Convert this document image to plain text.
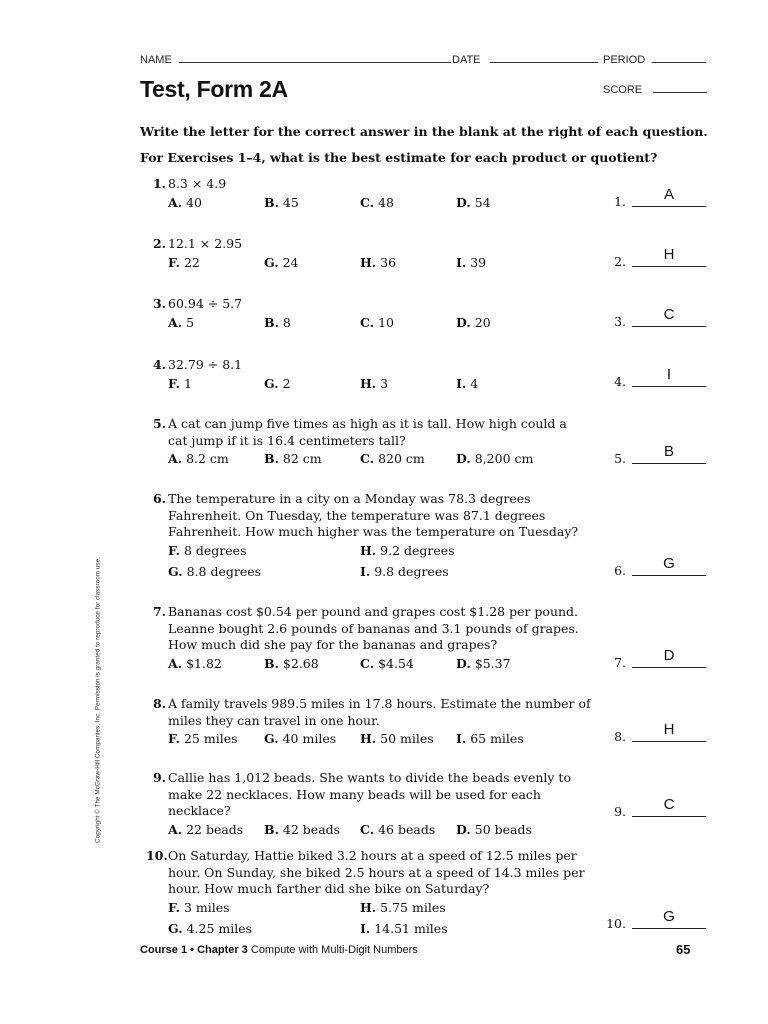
NAME	DATE	PERIOD
SCORE
Test, Form 2A
Write the letter for the correct answer in the blank at the right of each question.
For Exercises 1–4, what is the best estimate for each product or quotient?
1. 8.3 × 4.9
A. 40	B. 45	C. 48	D. 54	1.	A
2. 12.1 × 2.95
F. 22	G. 24	H. 36	I. 39	2.	H
3. 60.94 ÷ 5.7
A. 5	B. 8	C. 10	D. 20	3.	C
4. 32.79 ÷ 8.1
F. 1	G. 2	H. 3	I. 4	4.	I
5. A cat can jump five times as high as it is tall. How high could a
cat jump if it is 16.4 centimeters tall?
A. 8.2 cm	B. 82 cm	C. 820 cm D. 8,200 cm	5.	B
6. The temperature in a city on a Monday was 78.3 degrees
Fahrenheit. On Tuesday, the temperature was 87.1 degrees
Fahrenheit. How much higher was the temperature on Tuesday?
F. 8 degrees	H. 9.2 degrees
G. 8.8 degrees	I. 9.8 degrees	6.	G
7. Bananas cost $0.54 per pound and grapes cost $1.28 per pound.
Leanne bought 2.6 pounds of bananas and 3.1 pounds of grapes.
How much did she pay for the bananas and grapes?
A. $1.82	B. $2.68	C. $4.54	D. $5.37	7.	D
8. A family travels 989.5 miles in 17.8 hours. Estimate the number of
miles they can travel in one hour.
F. 25 miles G. 40 miles H. 50 miles I. 65 miles	8.	H
9. Callie has 1,012 beads. She wants to divide the beads evenly to
make 22 necklaces. How many beads will be used for each necklace?
A. 22 beads B. 42 beads C. 46 beads D. 50 beads
9.	C
10. On Saturday, Hattie biked 3.2 hours at a speed of 12.5 miles per
hour. On Sunday, she biked 2.5 hours at a speed of 14.3 miles per
hour. How much farther did she bike on Saturday?
F. 3 miles	H. 5.75 miles
G. 4.25 miles	I. 14.51 miles	10.	G
Copyright © The McGraw-Hill Companies, Inc. Permission is granted to reproduce for classroom use.
Course 1 • Chapter 3 Compute with Multi-Digit Numbers	65
